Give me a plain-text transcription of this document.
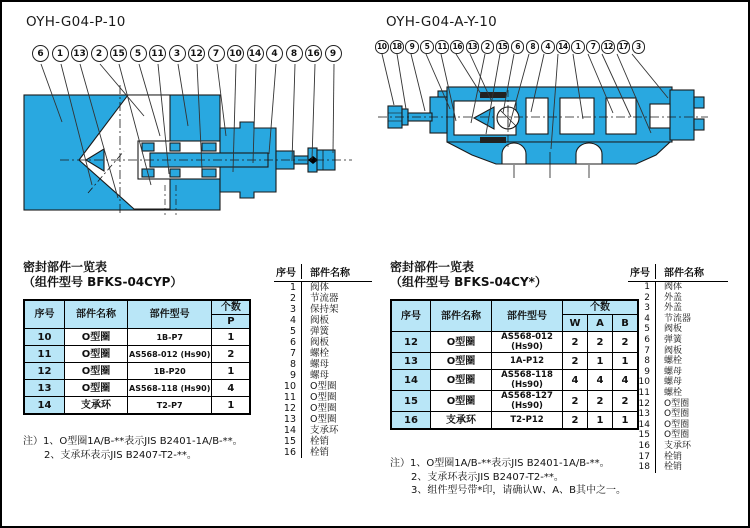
OYH-G04-P-10	OYH-G04-A-Y-10
6	1	13	2	15	5	11	3	12	7	10 14	4	8	16	9
10 18	9	5	11 16 13	2	15	6	8	4	14	1	7	12 17	3
密封部件一览表
（组件型号 BFKS-04CYP）
序号	部件名称	部件型号	个数
			P
10	O型圈	1B-P7	1
11	O型圈	AS568-012 (Hs90)	2
12	O型圈	1B-P20	1
13	O型圈	AS568-118 (Hs90)	4
14	支承环	T2-P7	1
注）1、O型圈1A/B-**表示JIS B2401-1A/B-**。
2、支承环表示JIS B2407-T2-**。
序号	部件名称
1	阀体
2	节流器
3	保持架
4	阀板
5	弹簧
6	阀板
7	螺栓
8	螺母
9	螺母
10	O型圈
11	O型圈
12	O型圈
13	O型圈
14	支承环
15	栓销
16	栓销
密封部件一览表
（组件型号 BFKS-04CY*）
序号	部件名称	部件型号	个数		
			W	A	B
12	O型圈	AS568-012 (Hs90)	2	2	2
13	O型圈	1A-P12	2	1	1
14	O型圈	AS568-118 (Hs90)	4	4	4
15	O型圈	AS568-127 (Hs90)	2	2	2
16	支承环	T2-P12	2	1	1
注）1、O型圈1A/B-**表示JIS B2401-1A/B-**。
2、支承环表示JIS B2407-T2-**。
3、组件型号带*印，请确认W、A、B其中之一。
序号	部件名称
1	阀体
2	外盖
3	外盖
4	节流器
5	阀板
6	弹簧
7	阀板
8	螺栓
9	螺母
10	螺母
11	螺栓
12	O型圈
13	O型圈
14	O型圈
15	O型圈
16	支承环
17	栓销
18	栓销
